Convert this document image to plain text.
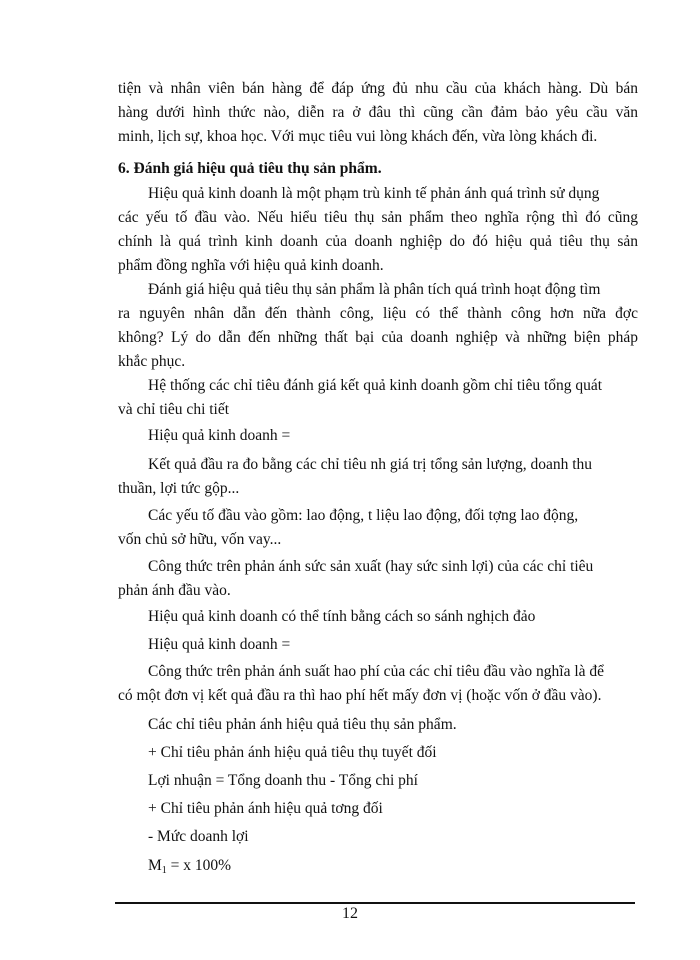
tiện và nhân viên bán hàng để đáp ứng đủ nhu cầu của khách hàng. Dù bán
hàng dưới hình thức nào, diễn ra ở đâu thì cũng cần đảm bảo yêu cầu văn
minh, lịch sự, khoa học. Với mục tiêu vui lòng khách đến, vừa lòng khách đi.
6. Đánh giá hiệu quả tiêu thụ sản phẩm.
Hiệu quả kinh doanh là một phạm trù kinh tế phản ánh quá trình sử dụng
các yếu tố đầu vào. Nếu hiểu tiêu thụ sản phẩm theo nghĩa rộng thì đó cũng
chính là quá trình kinh doanh của doanh nghiệp do đó hiệu quả tiêu thụ sản
phẩm đồng nghĩa với hiệu quả kinh doanh.
Đánh giá hiệu quả tiêu thụ sản phẩm là phân tích quá trình hoạt động tìm
ra nguyên nhân dẫn đến thành công, liệu có thể thành công hơn nữa đợc
không? Lý do dẫn đến những thất bại của doanh nghiệp và những biện pháp
khắc phục.
Hệ thống các chỉ tiêu đánh giá kết quả kinh doanh gồm chỉ tiêu tổng quát
và chỉ tiêu chi tiết
Hiệu quả kinh doanh =
Kết quả đầu ra đo bằng các chỉ tiêu nh giá trị tổng sản lượng, doanh thu
thuần, lợi tức gộp...
Các yếu tố đầu vào gồm: lao động, t liệu lao động, đối tợng lao động,
vốn chủ sở hữu, vốn vay...
Công thức trên phản ánh sức sản xuất (hay sức sinh lợi) của các chỉ tiêu
phản ánh đầu vào.
Hiệu quả kinh doanh có thể tính bằng cách so sánh nghịch đảo
Hiệu quả kinh doanh =
Công thức trên phản ánh suất hao phí của các chỉ tiêu đầu vào nghĩa là để
có một đơn vị kết quả đầu ra thì hao phí hết mấy đơn vị (hoặc vốn ở đầu vào).
Các chỉ tiêu phản ánh hiệu quả tiêu thụ sản phẩm.
+ Chỉ tiêu phản ánh hiệu quả tiêu thụ tuyết đối
Lợi nhuận = Tổng doanh thu - Tổng chi phí
+ Chỉ tiêu phản ánh hiệu quả tơng đối
- Mức doanh lợi
$M_1 = x$ 100%
12
